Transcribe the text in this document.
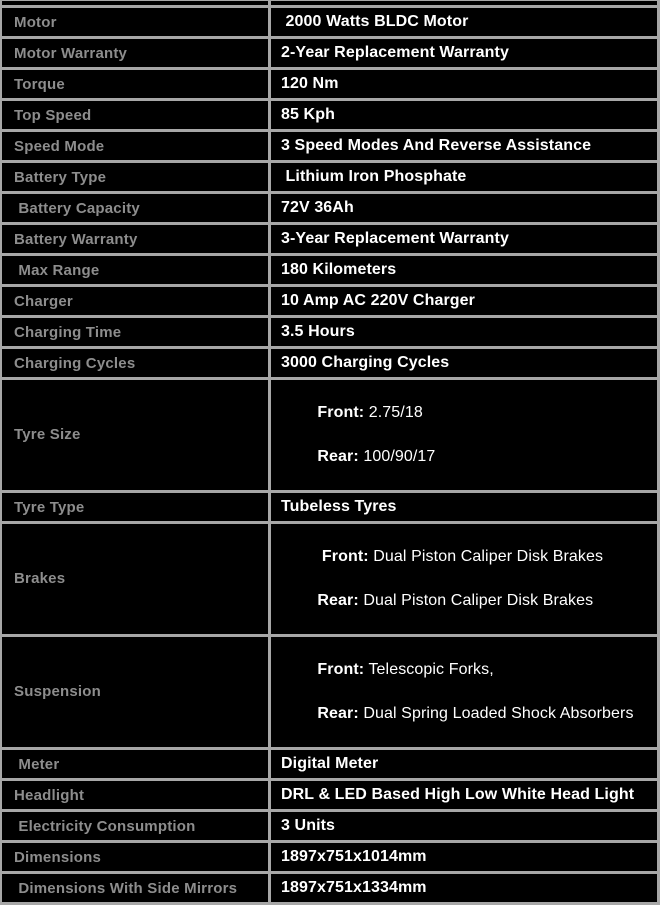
Motor	2000 Watts BLDC Motor
Motor Warranty	2-Year Replacement Warranty
Torque	120 Nm
Top Speed	85 Kph
Speed Mode	3 Speed Modes And Reverse Assistance
Battery Type	Lithium Iron Phosphate
Battery Capacity	72V 36Ah
Battery Warranty	3-Year Replacement Warranty
Max Range	180 Kilometers
Charger	10 Amp AC 220V Charger
Charging Time	3.5 Hours
Charging Cycles	3000 Charging Cycles
Tyre Size	Front: 2.75/18

Rear: 100/90/17

Tyre Type	Tubeless Tyres
Brakes	Front: Dual Piston Caliper Disk Brakes

Rear: Dual Piston Caliper Disk Brakes

Suspension	Front: Telescopic Forks,

Rear: Dual Spring Loaded Shock Absorbers

Meter	Digital Meter
Headlight	DRL & LED Based High Low White Head Light
Electricity Consumption	3 Units
Dimensions	1897x751x1014mm
Dimensions With Side Mirrors	1897x751x1334mm
